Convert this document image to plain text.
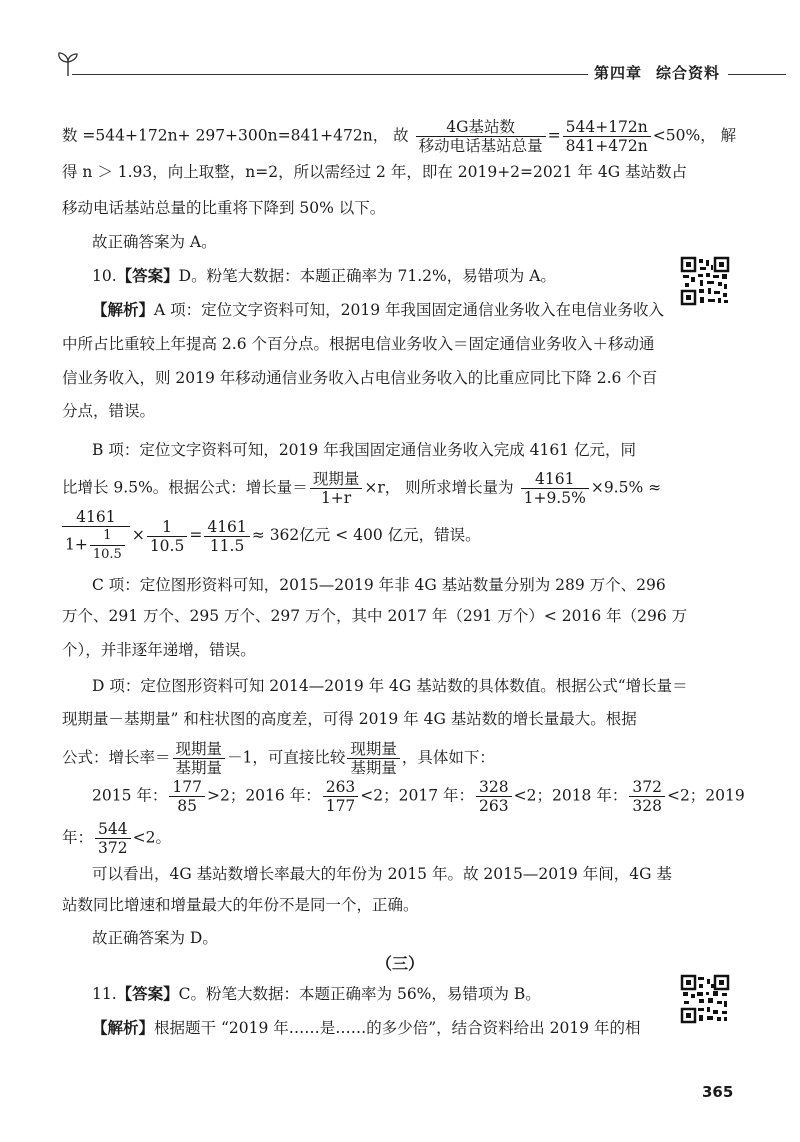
第四章 综合资料
数 =544+172n+ 297+300n=841+472n， 故 $\frac{\text{4G基站数}}{\text{移动电话基站总量}} = \frac{544+172n}{841+472n} <50\%$， 解
得 n ＞ 1.93，向上取整，n=2，所以需经过 2 年，即在 2019+2=2021 年 4G 基站数占
移动电话基站总量的比重将下降到 50% 以下。
故正确答案为 A。
10.【答案】D。粉笔大数据：本题正确率为 71.2%，易错项为 A。
【解析】A 项：定位文字资料可知，2019 年我国固定通信业务收入在电信业务收入
中所占比重较上年提高 2.6 个百分点。根据电信业务收入＝固定通信业务收入＋移动通
信业务收入，则 2019 年移动通信业务收入占电信业务收入的比重应同比下降 2.6 个百
分点，错误。
B 项：定位文字资料可知，2019 年我国固定通信业务收入完成 4161 亿元，同
比增长 9.5%。根据公式：增长量＝ $\frac{\text{现期量}}{1+r} \times r$， 则所求增长量为 $\frac{4161}{1+9.5\%} \times 9.5\%$ ≈
$\frac{4161}{1+ \frac{1}{10.5}} \times \frac{1}{10.5} = \frac{4161}{11.5} \approx 362$亿元 < 400 亿元，错误。
C 项：定位图形资料可知，2015—2019 年非 4G 基站数量分别为 289 万个、296
万个、291 万个、295 万个、297 万个，其中 2017 年（291 万个）< 2016 年（296 万
个），并非逐年递增，错误。
D 项：定位图形资料可知 2014—2019 年 4G 基站数的具体数值。根据公式“增长量＝
现期量－基期量” 和柱状图的高度差，可得 2019 年 4G 基站数的增长量最大。根据
公式：增长率＝ $\frac{\text{现期量}}{\text{基期量}} -1$，可直接比较 $\frac{\text{现期量}}{\text{基期量}}$ ，具体如下：
2015 年： $\frac{177}{85} >2$；2016 年： $\frac{263}{177} <2$；2017 年： $\frac{328}{263} <2$；2018 年： $\frac{372}{328} <2$；2019
年： $\frac{544}{372} <2$。
可以看出，4G 基站数增长率最大的年份为 2015 年。故 2015—2019 年间，4G 基
站数同比增速和增量最大的年份不是同一个，正确。
故正确答案为 D。
（三）
11.【答案】C。粉笔大数据：本题正确率为 56%，易错项为 B。
【解析】根据题干 “2019 年……是……的多少倍”，结合资料给出 2019 年的相
365
